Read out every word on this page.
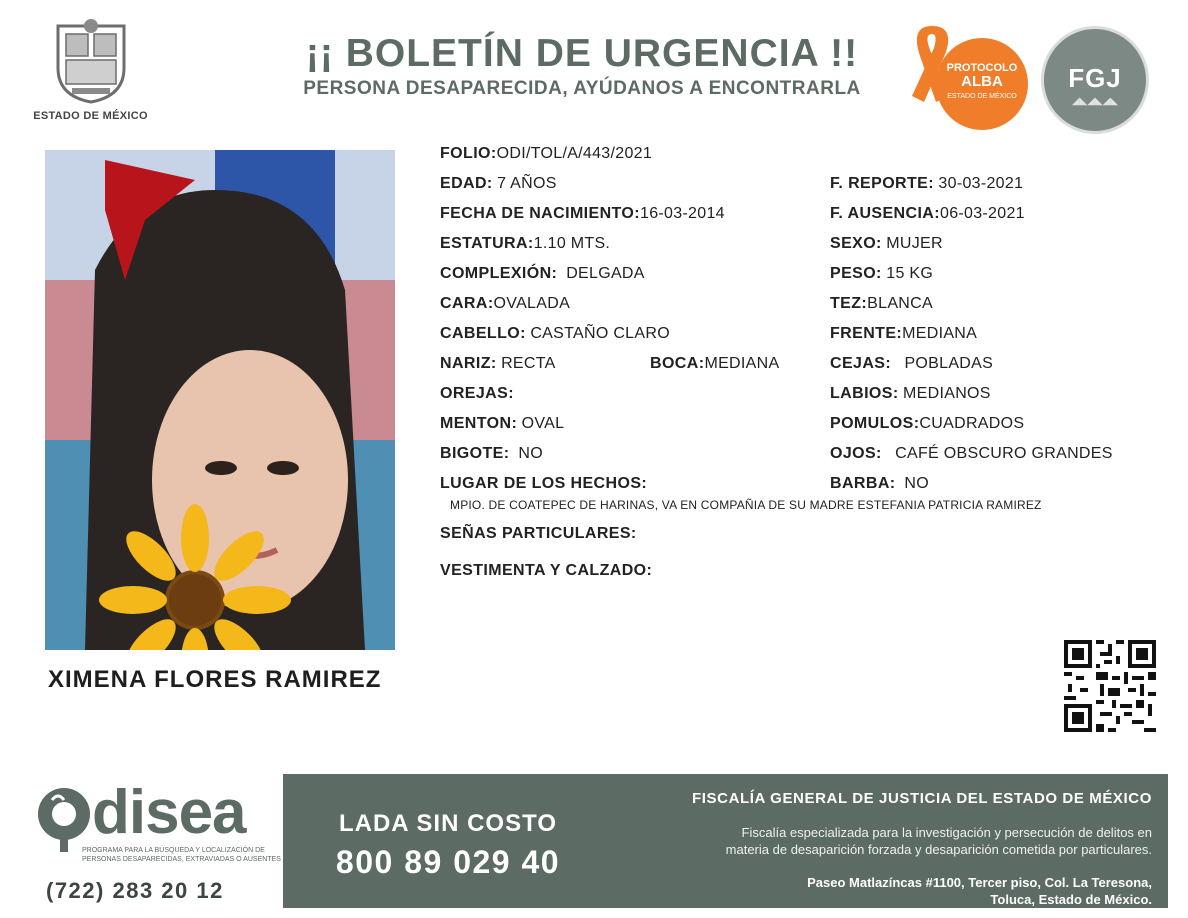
ESTADO DE MÉXICO
¡¡ BOLETÍN DE URGENCIA !!
PERSONA DESAPARECIDA, AYÚDANOS A ENCONTRARLA
PROTOCOLO
ALBA
ESTADO DE MÉXICO
FGJ
◢◣◢◣◢◣
XIMENA FLORES RAMIREZ
FOLIO:ODI/TOL/A/443/2021
EDAD: 7 AÑOS	F. REPORTE: 30-03-2021
FECHA DE NACIMIENTO:16-03-2014	F. AUSENCIA:06-03-2021
ESTATURA:1.10 MTS.	SEXO: MUJER
COMPLEXIÓN: DELGADA	PESO: 15 KG
CARA:OVALADA	TEZ:BLANCA
CABELLO: CASTAÑO CLARO	FRENTE:MEDIANA
NARIZ: RECTA	BOCA:MEDIANA	CEJAS: POBLADAS
OREJAS:	LABIOS: MEDIANOS
MENTON: OVAL	POMULOS:CUADRADOS
BIGOTE: NO	OJOS: CAFÉ OBSCURO GRANDES
LUGAR DE LOS HECHOS:	BARBA: NO
MPIO. DE COATEPEC DE HARINAS, VA EN COMPAÑIA DE SU MADRE ESTEFANIA PATRICIA RAMIREZ
SEÑAS PARTICULARES:
VESTIMENTA Y CALZADO:
disea
PROGRAMA PARA LA BÚSQUEDA Y LOCALIZACIÓN DE PERSONAS DESAPARECIDAS, EXTRAVIADAS O AUSENTES
(722) 283 20 12
LADA SIN COSTO
800 89 029 40
FISCALÍA GENERAL DE JUSTICIA DEL ESTADO DE MÉXICO
Fiscalía especializada para la investigación y persecución de delitos en
materia de desaparición forzada y desaparición cometida por particulares.
Paseo Matlazíncas #1100, Tercer piso, Col. La Teresona,
Toluca, Estado de México.
